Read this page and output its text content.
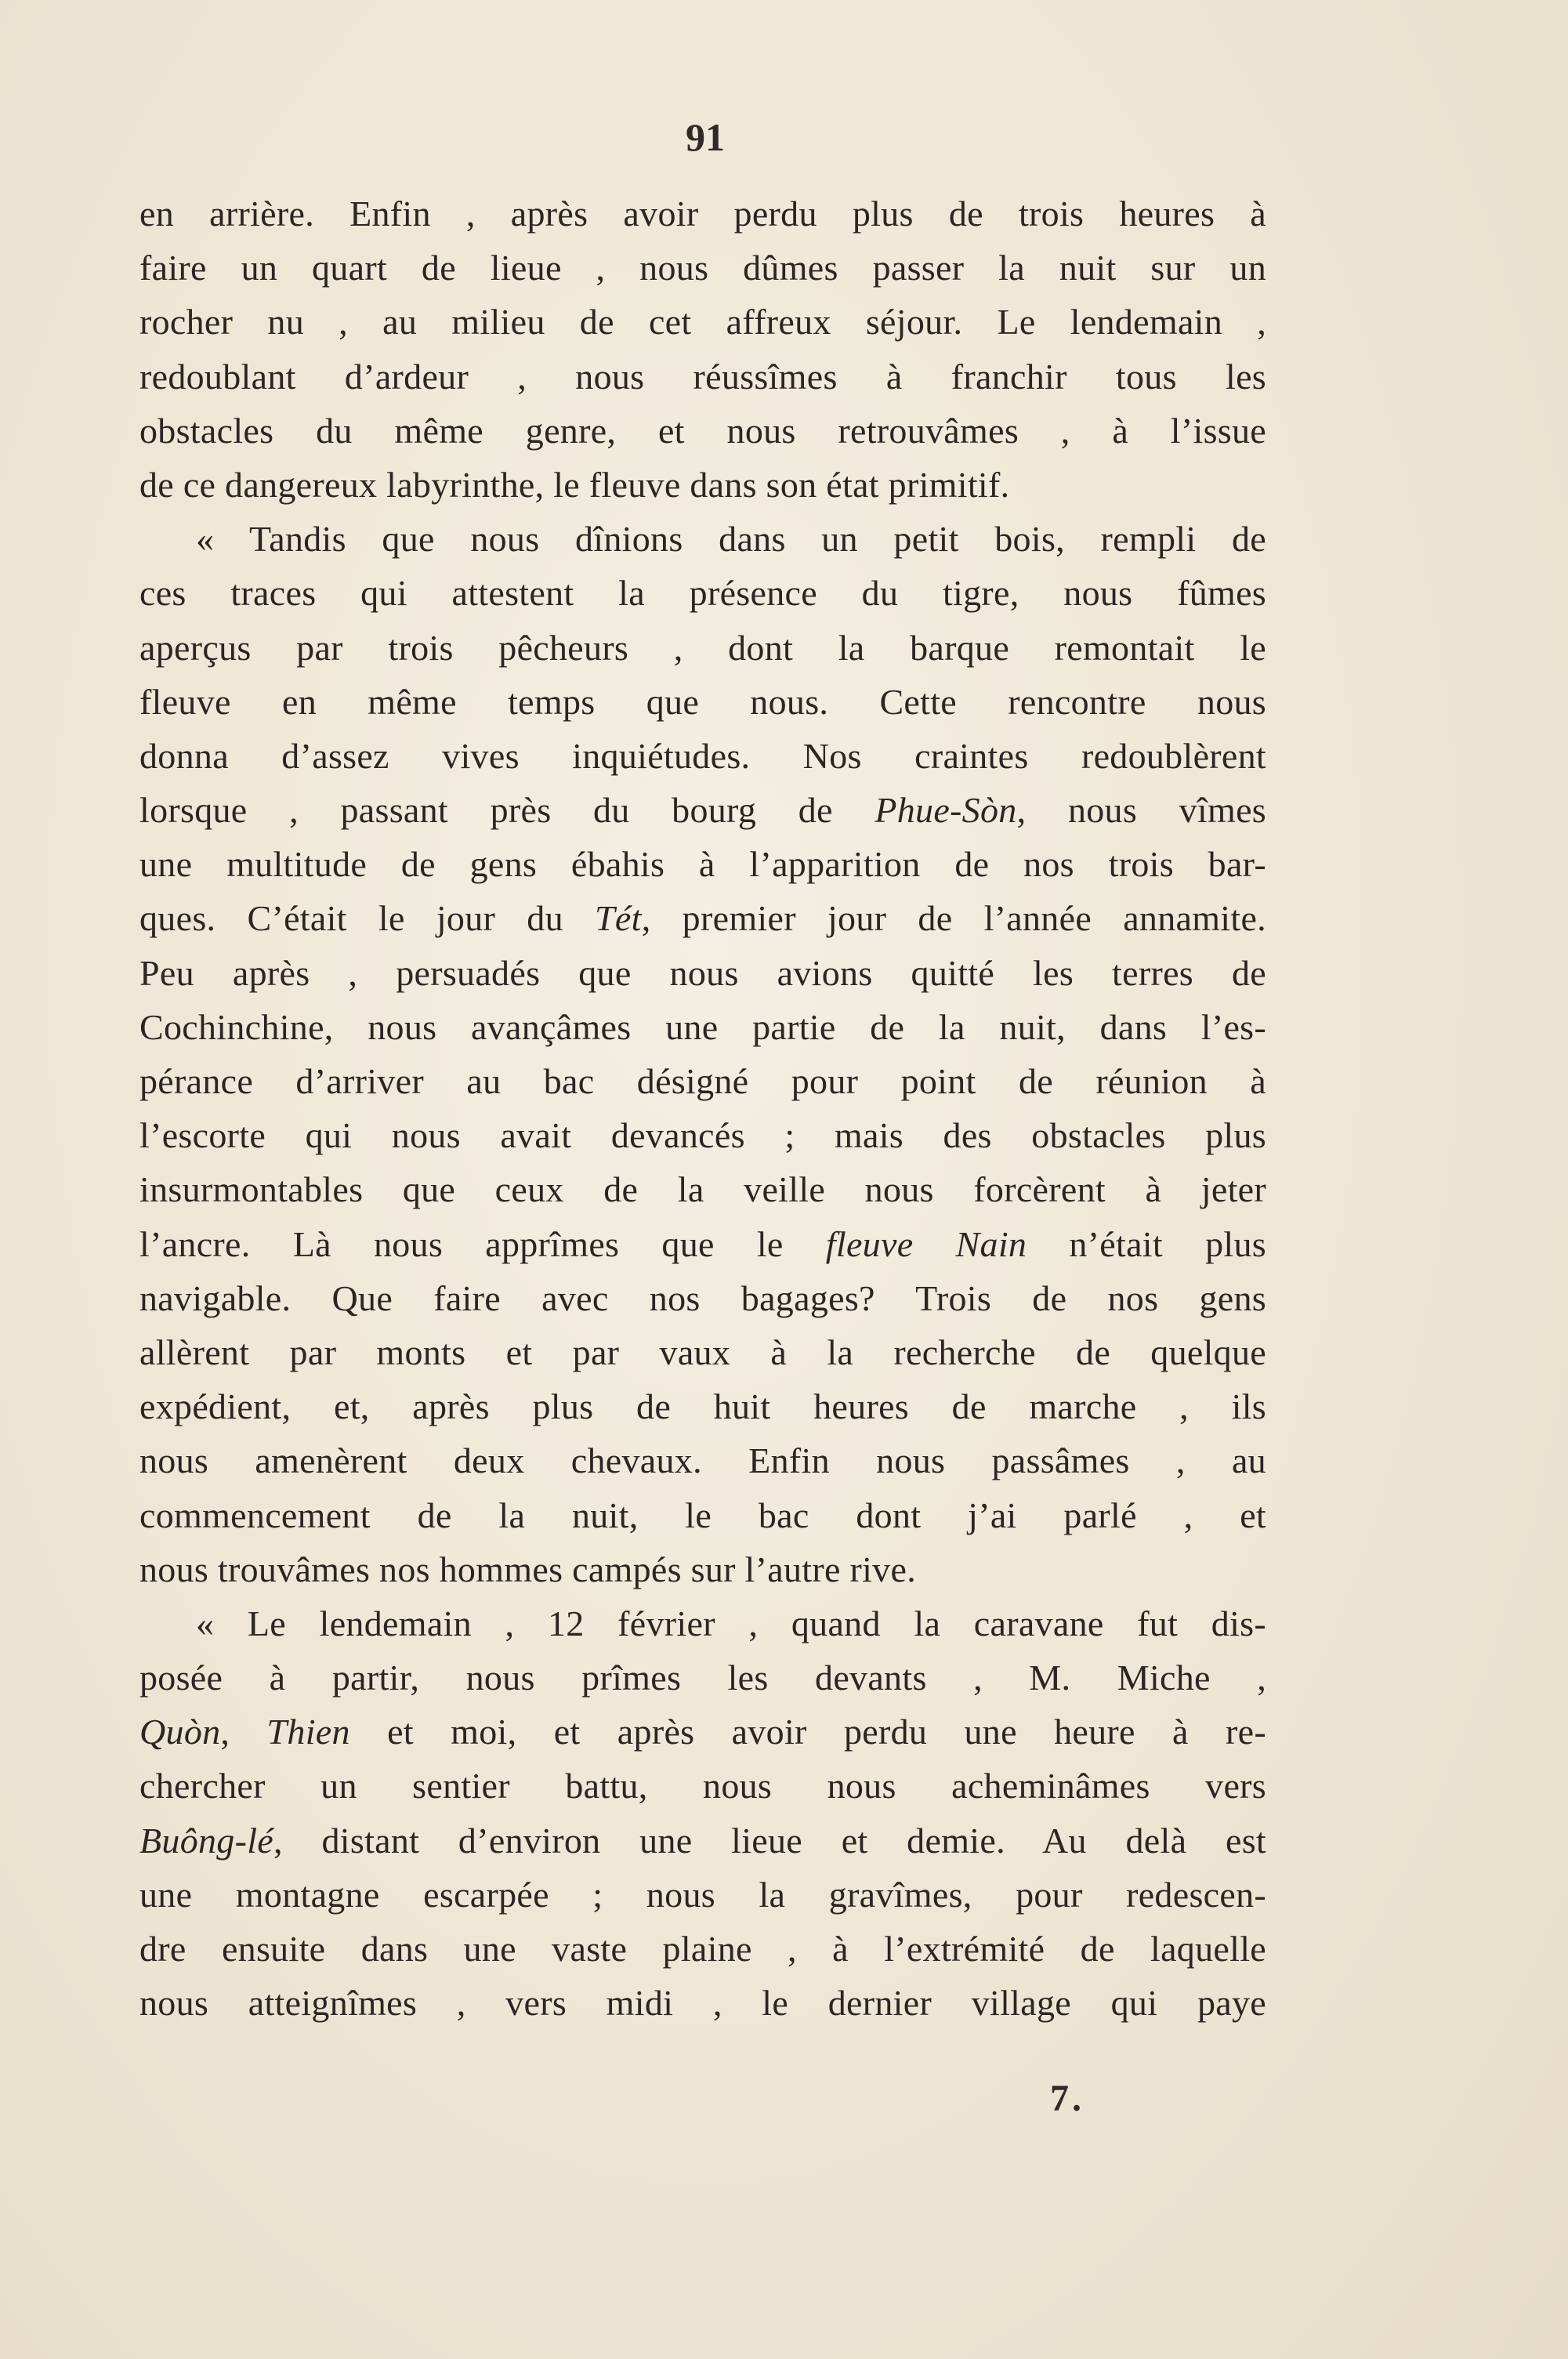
91
en arrière. Enfin , après avoir perdu plus de trois heures à
faire un quart de lieue , nous dûmes passer la nuit sur un
rocher nu , au milieu de cet affreux séjour. Le lendemain ,
redoublant d’ardeur , nous réussîmes à franchir tous les
obstacles du même genre, et nous retrouvâmes , à l’issue
de ce dangereux labyrinthe, le fleuve dans son état primitif.
« Tandis que nous dînions dans un petit bois, rempli de
ces traces qui attestent la présence du tigre, nous fûmes
aperçus par trois pêcheurs , dont la barque remontait le
fleuve en même temps que nous. Cette rencontre nous
donna d’assez vives inquiétudes. Nos craintes redoublèrent
lorsque , passant près du bourg de Phue-Sòn, nous vîmes
une multitude de gens ébahis à l’apparition de nos trois bar-
ques. C’était le jour du Tét, premier jour de l’année annamite.
Peu après , persuadés que nous avions quitté les terres de
Cochinchine, nous avançâmes une partie de la nuit, dans l’es-
pérance d’arriver au bac désigné pour point de réunion à
l’escorte qui nous avait devancés ; mais des obstacles plus
insurmontables que ceux de la veille nous forcèrent à jeter
l’ancre. Là nous apprîmes que le fleuve Nain n’était plus
navigable. Que faire avec nos bagages? Trois de nos gens
allèrent par monts et par vaux à la recherche de quelque
expédient, et, après plus de huit heures de marche , ils
nous amenèrent deux chevaux. Enfin nous passâmes , au
commencement de la nuit, le bac dont j’ai parlé , et
nous trouvâmes nos hommes campés sur l’autre rive.
« Le lendemain , 12 février , quand la caravane fut dis-
posée à partir, nous prîmes les devants , M. Miche ,
Quòn, Thien et moi, et après avoir perdu une heure à re-
chercher un sentier battu, nous nous acheminâmes vers
Buông-lé, distant d’environ une lieue et demie. Au delà est
une montagne escarpée ; nous la gravîmes, pour redescen-
dre ensuite dans une vaste plaine , à l’extrémité de laquelle
nous atteignîmes , vers midi , le dernier village qui paye
7.
